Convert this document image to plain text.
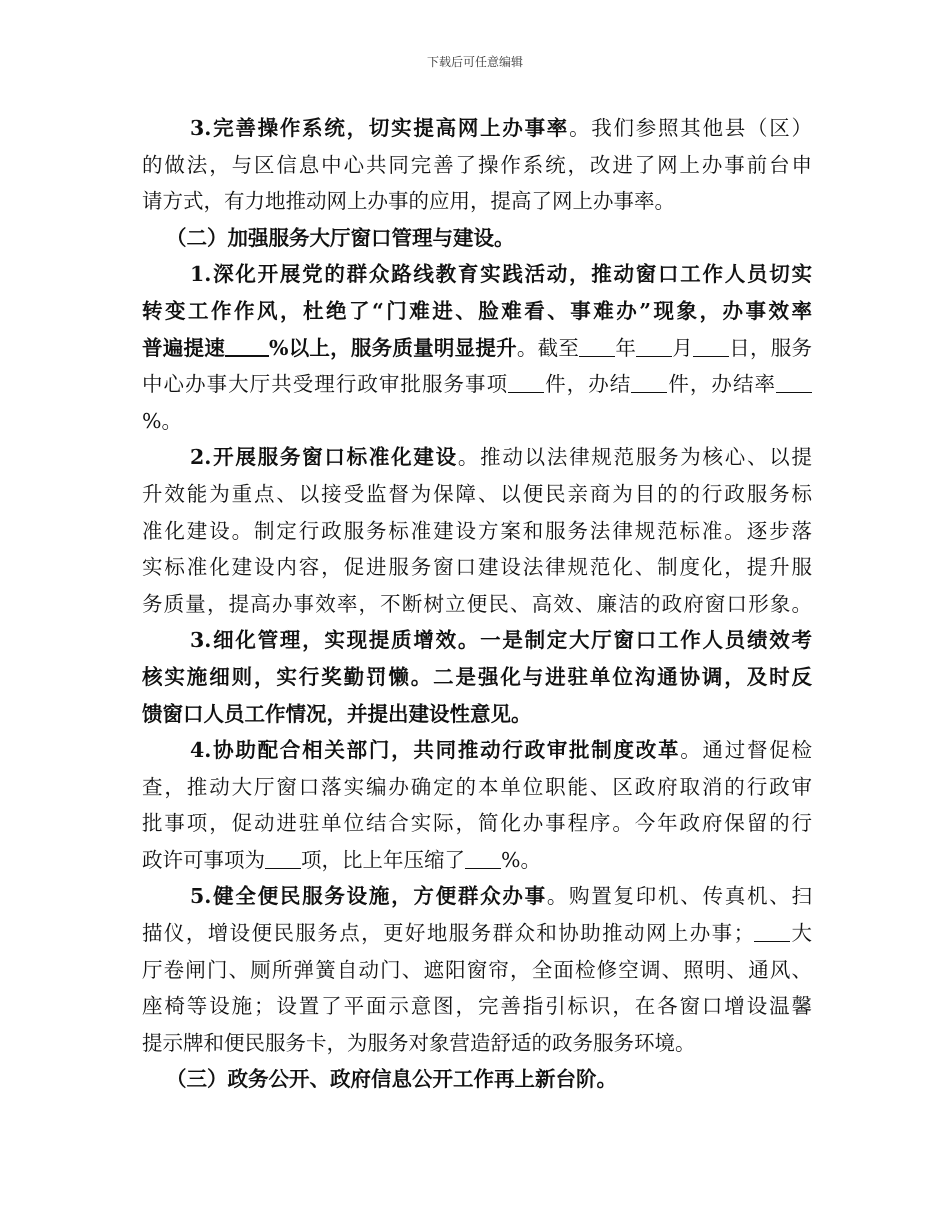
下载后可任意编辑
3.完善操作系统，切实提高网上办事率。我们参照其他县（区）
的做法，与区信息中心共同完善了操作系统，改进了网上办事前台申
请方式，有力地推动网上办事的应用，提高了网上办事率。
（二）加强服务大厅窗口管理与建设。
1.深化开展党的群众路线教育实践活动，推动窗口工作人员切实
转变工作作风，杜绝了“门难进、脸难看、事难办”现象，办事效率
普遍提速 %以上，服务质量明显提升。截至 年 月 日，服务
中心办事大厅共受理行政审批服务事项 件，办结 件，办结率
%。
2.开展服务窗口标准化建设。推动以法律规范服务为核心、以提
升效能为重点、以接受监督为保障、以便民亲商为目的的行政服务标
准化建设。制定行政服务标准建设方案和服务法律规范标准。逐步落
实标准化建设内容，促进服务窗口建设法律规范化、制度化，提升服
务质量，提高办事效率，不断树立便民、高效、廉洁的政府窗口形象。
3.细化管理，实现提质增效。一是制定大厅窗口工作人员绩效考
核实施细则，实行奖勤罚懒。二是强化与进驻单位沟通协调，及时反
馈窗口人员工作情况，并提出建设性意见。
4.协助配合相关部门，共同推动行政审批制度改革。通过督促检
查，推动大厅窗口落实编办确定的本单位职能、区政府取消的行政审
批事项，促动进驻单位结合实际，简化办事程序。今年政府保留的行
政许可事项为 项，比上年压缩了 %。
5.健全便民服务设施，方便群众办事。购置复印机、传真机、扫
描仪，增设便民服务点，更好地服务群众和协助推动网上办事； 大
厅卷闸门、厕所弹簧自动门、遮阳窗帘，全面检修空调、照明、通风、
座椅等设施；设置了平面示意图，完善指引标识，在各窗口增设温馨
提示牌和便民服务卡，为服务对象营造舒适的政务服务环境。
（三）政务公开、政府信息公开工作再上新台阶。
